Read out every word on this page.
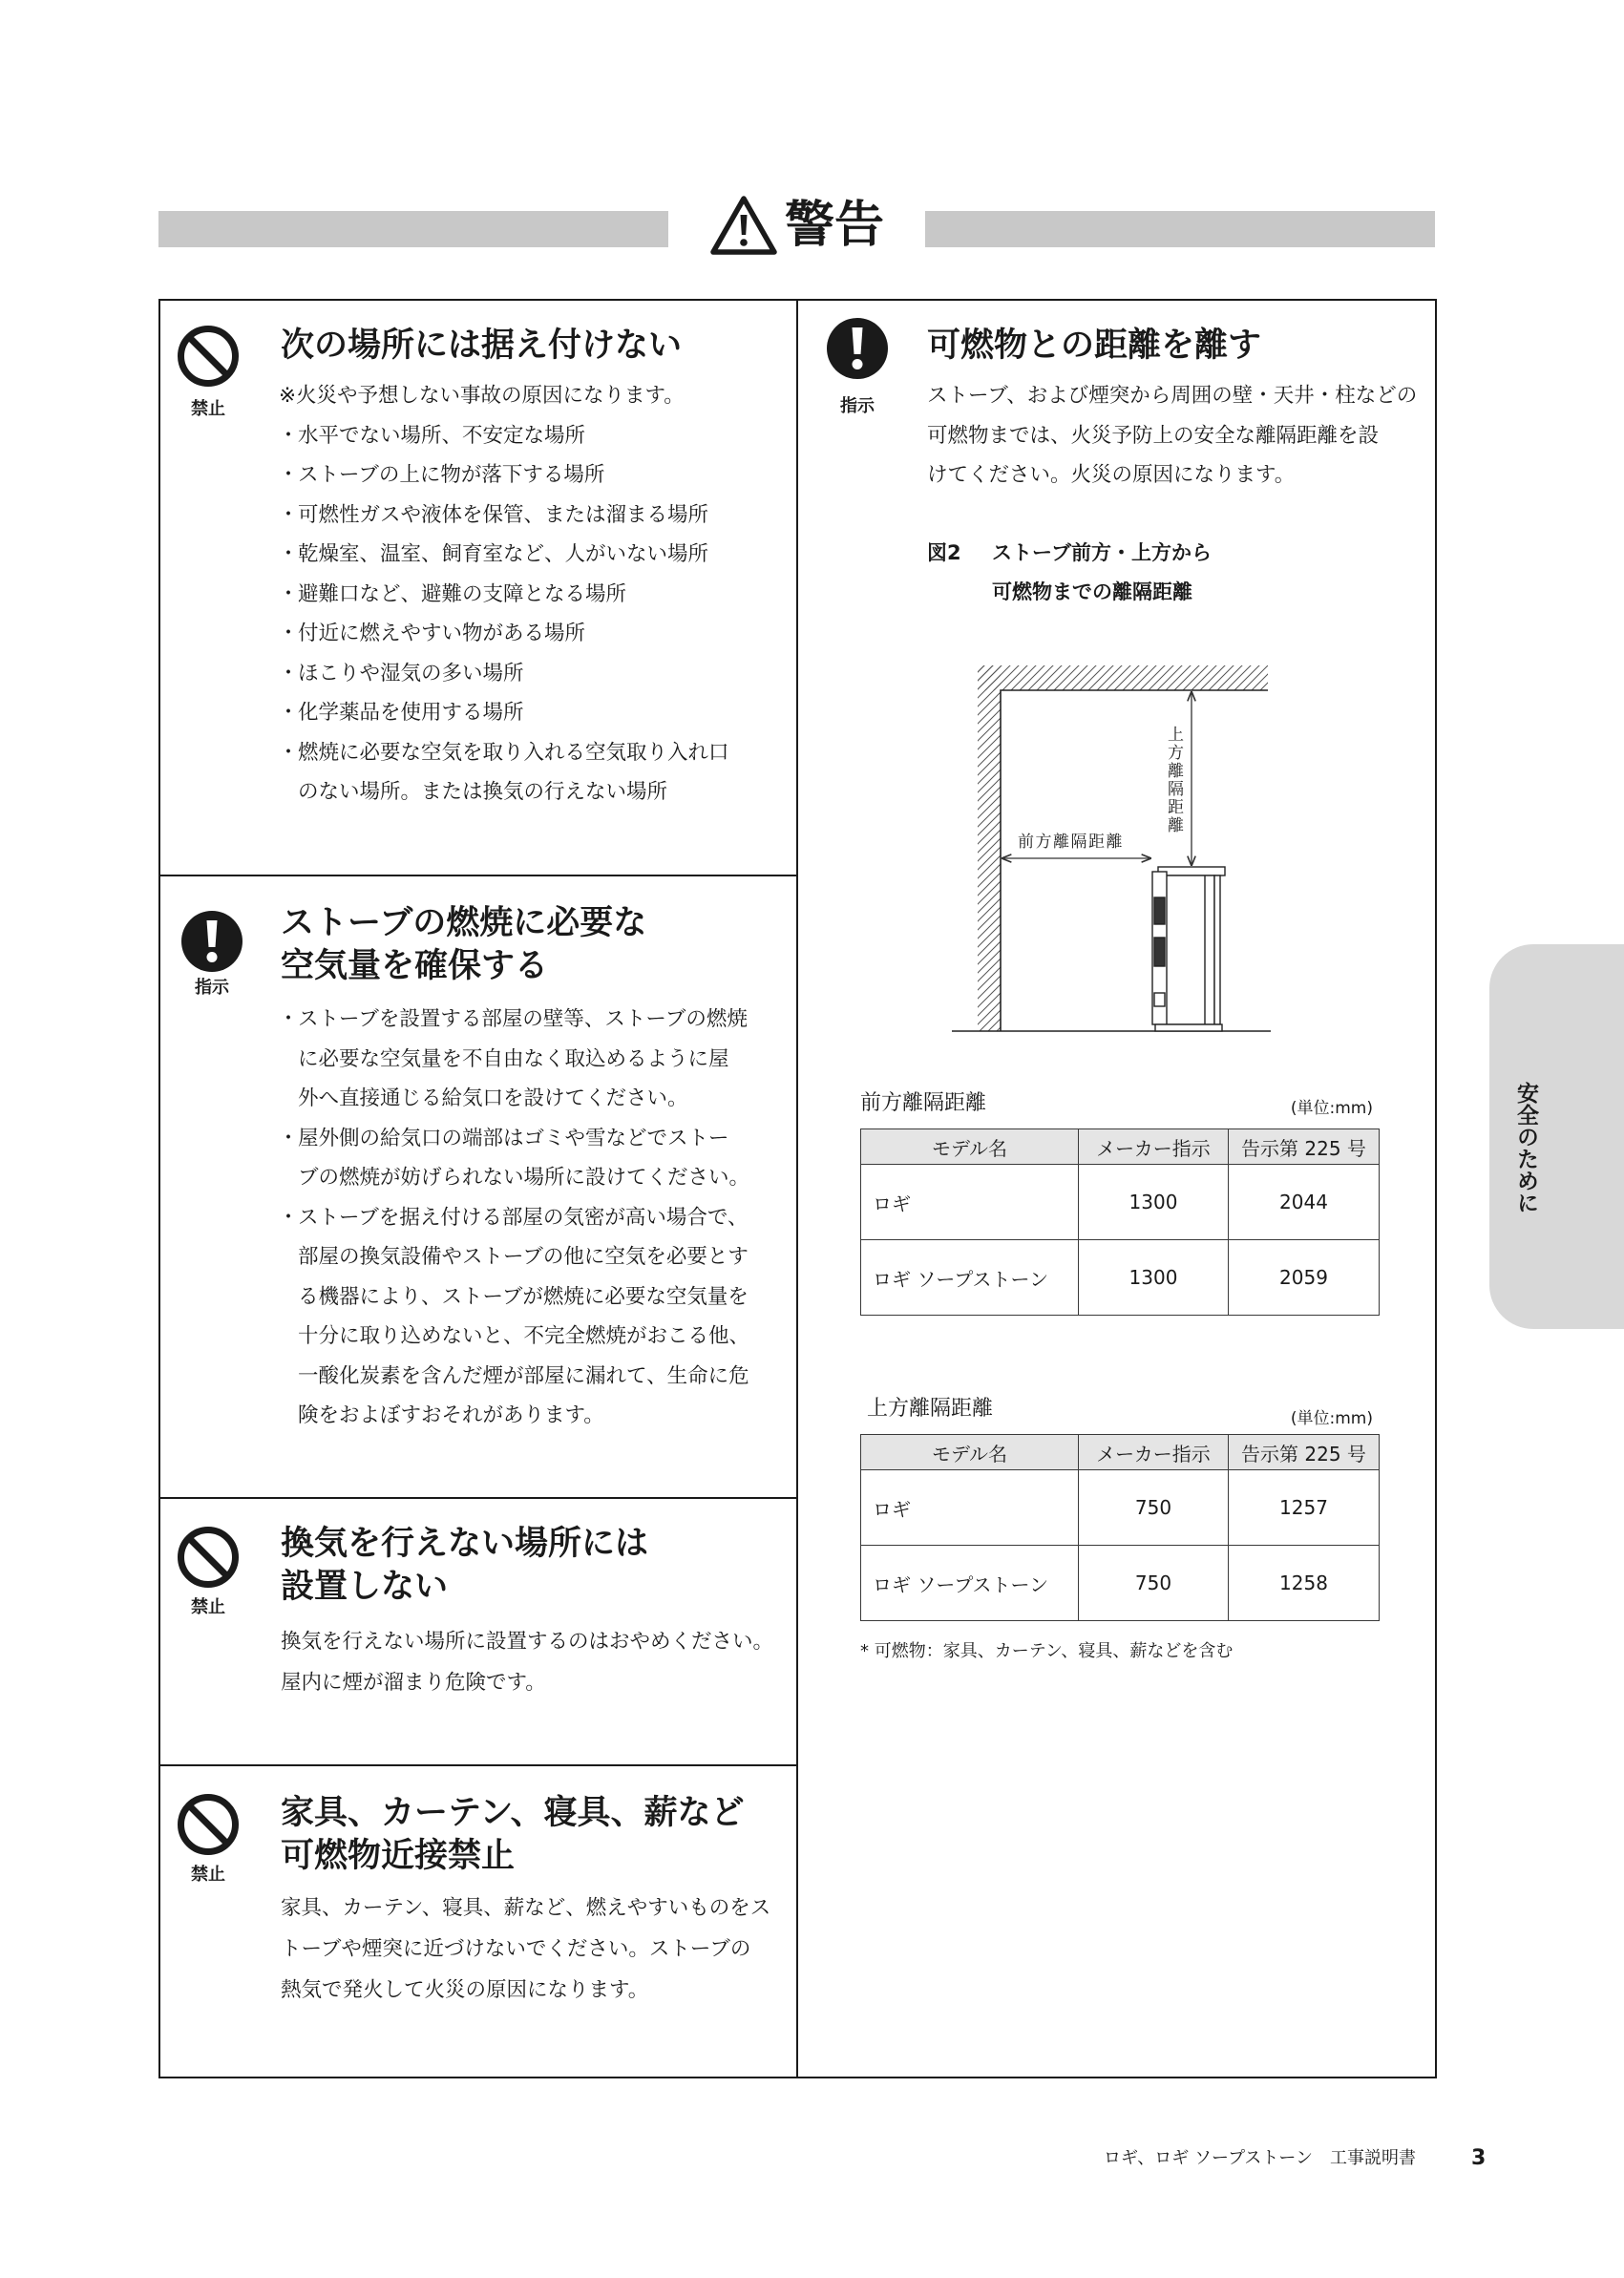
警告
禁止
次の場所には据え付けない
※火災や予想しない事故の原因になります。
・ 水平でない場所、不安定な場所
・ ストーブの上に物が落下する場所
・ 可燃性ガスや液体を保管、または溜まる場所
・ 乾燥室、温室、飼育室など、人がいない場所
・ 避難口など、避難の支障となる場所
・ 付近に燃えやすい物がある場所
・ ほこりや湿気の多い場所
・ 化学薬品を使用する場所
・ 燃焼に必要な空気を取り入れる空気取り入れ口
のない場所。または換気の行えない場所
指示
ストーブの燃焼に必要な
空気量を確保する
・ ストーブを設置する部屋の壁等、ストーブの燃焼
に必要な空気量を不自由なく取込めるように屋
外へ直接通じる給気口を設けてください。
・ 屋外側の給気口の端部はゴミや雪などでストー
ブの燃焼が妨げられない場所に設けてください。
・ ストーブを据え付ける部屋の気密が高い場合で、
部屋の換気設備やストーブの他に空気を必要とす
る機器により、ストーブが燃焼に必要な空気量を
十分に取り込めないと、不完全燃焼がおこる他、
一酸化炭素を含んだ煙が部屋に漏れて、生命に危
険をおよぼすおそれがあります。
禁止
換気を行えない場所には
設置しない
換気を行えない場所に設置するのはおやめください。
屋内に煙が溜まり危険です。
禁止
家具、カーテン、寝具、薪など
可燃物近接禁止
家具、カーテン、寝具、薪など、燃えやすいものをス
トーブや煙突に近づけないでください。ストーブの
熱気で発火して火災の原因になります。
指示
可燃物との距離を離す
ストーブ、および煙突から周囲の壁・天井・柱などの
可燃物までは、火災予防上の安全な離隔距離を設
けてください。火災の原因になります。
図2 ストーブ前方・上方から
可燃物までの離隔距離
上方離隔距離
前方離隔距離
前方離隔距離	(単位:mm)
モデル名	メーカー指示	告示第 225 号
ロギ	1300	2044
ロギ ソープストーン	1300	2059
上方離隔距離	(単位:mm)
モデル名	メーカー指示	告示第 225 号
ロギ	750	1257
ロギ ソープストーン	750	1258
* 可燃物：家具、カーテン、寝具、薪などを含む
安全のために
ロギ、ロギ ソープストーン　工事説明書	3
